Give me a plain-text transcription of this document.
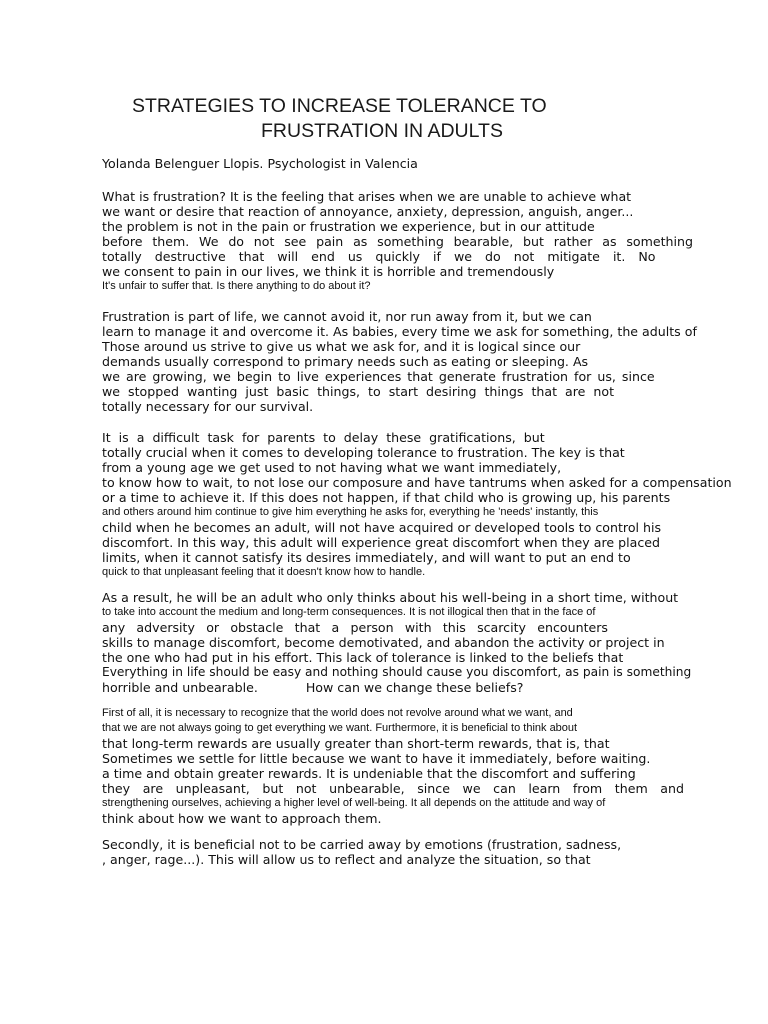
STRATEGIES TO INCREASE TOLERANCE TO
FRUSTRATION IN ADULTS
Yolanda Belenguer Llopis. Psychologist in Valencia
What is frustration? It is the feeling that arises when we are unable to achieve what
we want or desire that reaction of annoyance, anxiety, depression, anguish, anger...
the problem is not in the pain or frustration we experience, but in our attitude
before them. We do not see pain as something bearable, but rather as something
totally destructive that will end us quickly if we do not mitigate it. No
we consent to pain in our lives, we think it is horrible and tremendously
It's unfair to suffer that. Is there anything to do about it?
Frustration is part of life, we cannot avoid it, nor run away from it, but we can
learn to manage it and overcome it. As babies, every time we ask for something, the adults of
Those around us strive to give us what we ask for, and it is logical since our
demands usually correspond to primary needs such as eating or sleeping. As
we are growing, we begin to live experiences that generate frustration for us, since
we stopped wanting just basic things, to start desiring things that are not
totally necessary for our survival.
It is a difficult task for parents to delay these gratifications, but
totally crucial when it comes to developing tolerance to frustration. The key is that
from a young age we get used to not having what we want immediately,
to know how to wait, to not lose our composure and have tantrums when asked for a compensation
or a time to achieve it. If this does not happen, if that child who is growing up, his parents
and others around him continue to give him everything he asks for, everything he 'needs' instantly, this
child when he becomes an adult, will not have acquired or developed tools to control his
discomfort. In this way, this adult will experience great discomfort when they are placed
limits, when it cannot satisfy its desires immediately, and will want to put an end to
quick to that unpleasant feeling that it doesn't know how to handle.
As a result, he will be an adult who only thinks about his well-being in a short time, without
to take into account the medium and long-term consequences. It is not illogical then that in the face of
any adversity or obstacle that a person with this scarcity encounters
skills to manage discomfort, become demotivated, and abandon the activity or project in
the one who had put in his effort. This lack of tolerance is linked to the beliefs that
Everything in life should be easy and nothing should cause you discomfort, as pain is something
horrible and unbearable.	How can we change these beliefs?
First of all, it is necessary to recognize that the world does not revolve around what we want, and
that we are not always going to get everything we want. Furthermore, it is beneficial to think about
that long-term rewards are usually greater than short-term rewards, that is, that
Sometimes we settle for little because we want to have it immediately, before waiting.
a time and obtain greater rewards. It is undeniable that the discomfort and suffering
they are unpleasant, but not unbearable, since we can learn from them and
strengthening ourselves, achieving a higher level of well-being. It all depends on the attitude and way of
think about how we want to approach them.
Secondly, it is beneficial not to be carried away by emotions (frustration, sadness,
, anger, rage...). This will allow us to reflect and analyze the situation, so that
